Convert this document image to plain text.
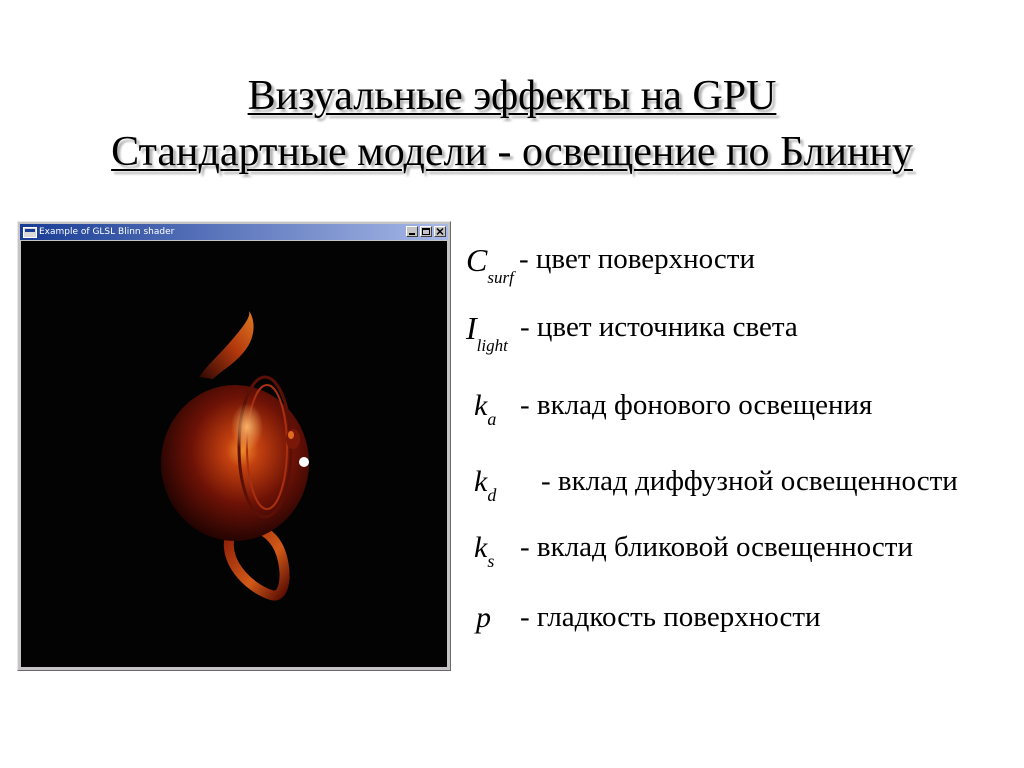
Визуальные эффекты на GPU
Стандартные модели - освещение по Блинну
Example of GLSL Blinn shader
$C_{surf}$
- цвет поверхности
$I_{light}$
- цвет источника света
$k_a$ - вклад фонового освещения
$k_d$ - вклад диффузной освещенности
$k_s$ - вклад бликовой освещенности
p - гладкость поверхности
